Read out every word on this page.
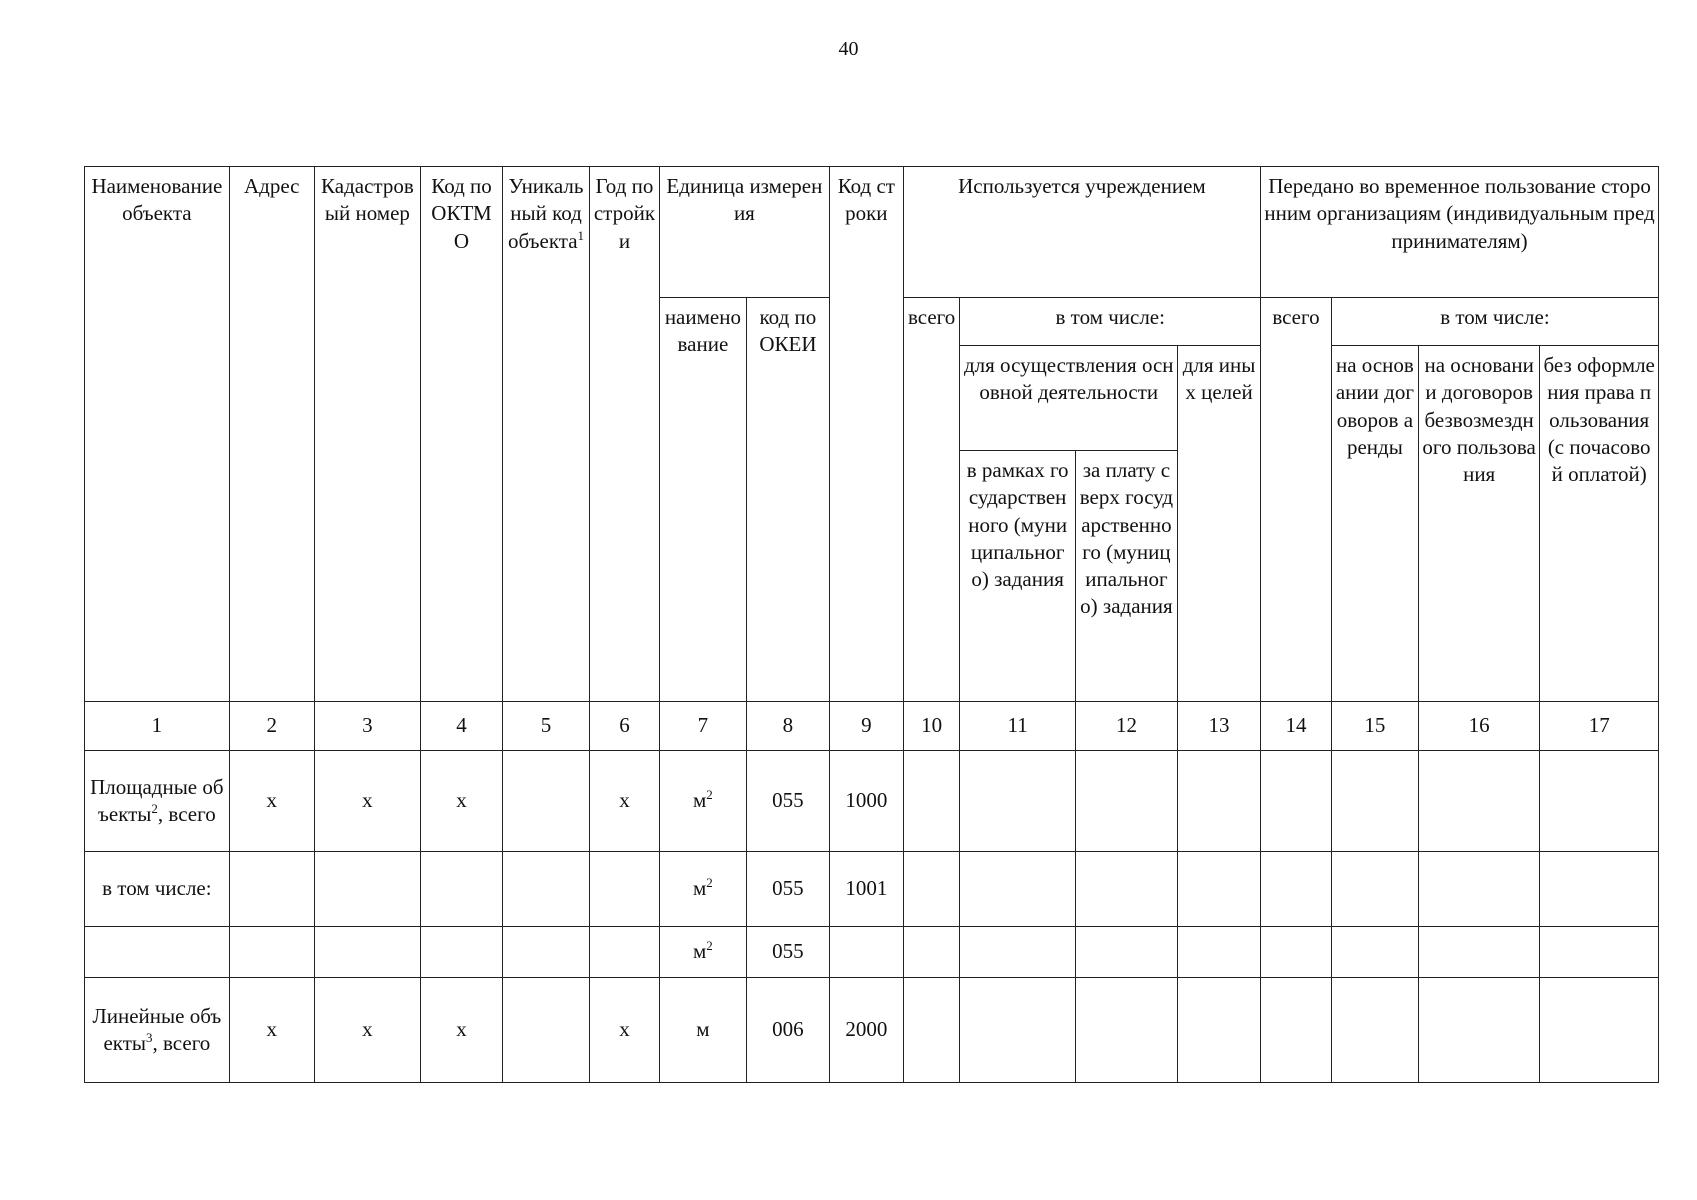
40
Наименование объекта	Адрес	Кадастровый номер	Код по ОКТМО	Уникальный код объекта$^1$	Год постройки	Единица измерения		Код строки	Используется учреждением				Передано во временное пользование сторонним организациям (индивидуальным предпринимателям)			
						наименование	код по ОКЕИ		всего	в том числе:			всего	в том числе:		
										для осуществления основной деятельности		для иных целей		на основании договоров аренды	на основании договоров безвозмездного пользования	без оформления права пользования (с почасовой оплатой)
										в рамках государственного (муниципального) задания	за плату сверх государственного (муниципального) задания					
1	2	3	4	5	6	7	8	9	10	11	12	13	14	15	16	17
Площадные объекты$^2$, всего	х	х	х		х	$м^2$	055	1000								
в том числе:						$м^2$	055	1001								
						$м^2$	055									
Линейные объекты$^3$, всего	х	х	х		х	м	006	2000								
